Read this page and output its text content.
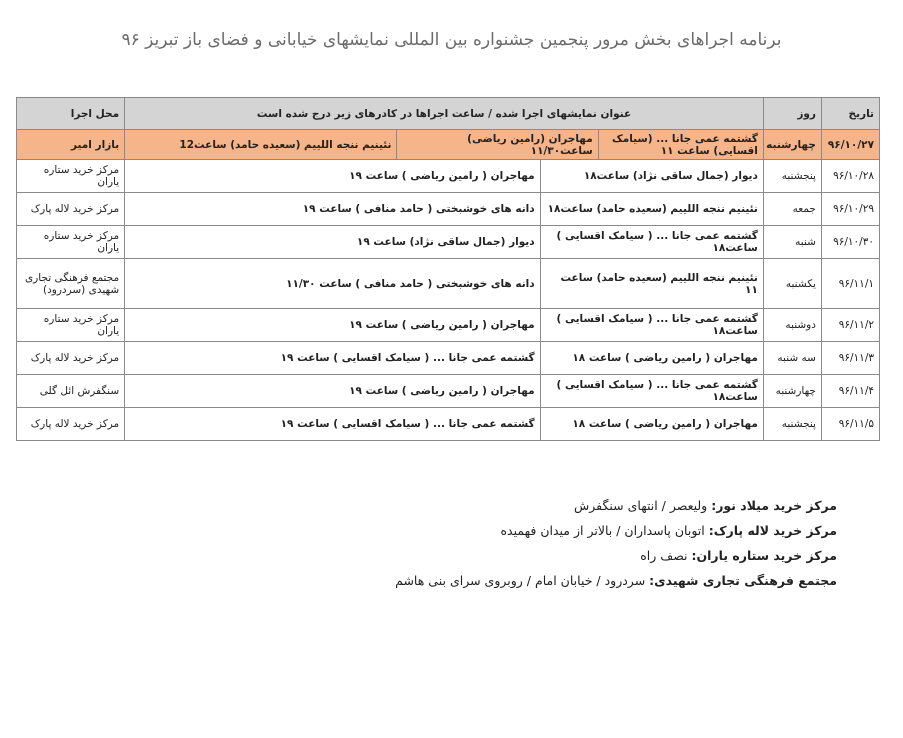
برنامه اجراهای بخش مرور پنجمین جشنواره بین المللی نمایشهای خیابانی و فضای باز تبریز ۹۶
تاریخ	روز	عنوان نمایشهای اجرا شده / ساعت اجراها در کادرهای زیر درج شده است				محل اجرا
۹۶/۱۰/۲۷	چهارشنبه	گشتمه عمی جانا ... (سیامک اقسایی) ساعت ۱۱	مهاجران (رامین ریاضی) ساعت۱۱/۳۰		نئینیم ننجه اللییم (سعیده حامد) ساعت12	بازار امیر
۹۶/۱۰/۲۸	پنجشنبه	دیوار (جمال ساقی نژاد) ساعت۱۸		مهاجران ( رامین ریاضی ) ساعت ۱۹		مرکز خرید ستاره یاران
۹۶/۱۰/۲۹	جمعه	نئینیم ننجه اللییم (سعیده حامد) ساعت۱۸		دانه های خوشبختی ( حامد منافی ) ساعت ۱۹		مرکز خرید لاله پارک
۹۶/۱۰/۳۰	شنبه	گشتمه عمی جانا ... ( سیامک اقسایی ) ساعت۱۸		دیوار (جمال ساقی نژاد) ساعت ۱۹		مرکز خرید ستاره یاران
۹۶/۱۱/۱	یکشنبه	نئینیم ننجه اللییم (سعیده حامد) ساعت ۱۱		دانه های خوشبختی ( حامد منافی ) ساعت ۱۱/۳۰		مجتمع فرهنگی تجاری شهیدی (سردرود)
۹۶/۱۱/۲	دوشنبه	گشتمه عمی جانا ... ( سیامک اقسایی ) ساعت۱۸		مهاجران ( رامین ریاضی ) ساعت ۱۹		مرکز خرید ستاره یاران
۹۶/۱۱/۳	سه شنبه	مهاجران ( رامین ریاضی ) ساعت ۱۸		گشتمه عمی جانا ... ( سیامک اقسایی ) ساعت ۱۹		مرکز خرید لاله پارک
۹۶/۱۱/۴	چهارشنبه	گشتمه عمی جانا ... ( سیامک اقسایی ) ساعت۱۸		مهاجران ( رامین ریاضی ) ساعت ۱۹		سنگفرش ائل گلی
۹۶/۱۱/۵	پنجشنبه	مهاجران ( رامین ریاضی ) ساعت ۱۸		گشتمه عمی جانا ... ( سیامک اقسایی ) ساعت ۱۹		مرکز خرید لاله پارک
مرکز خرید میلاد نور: ولیعصر / انتهای سنگفرش
مرکز خرید لاله پارک: اتوبان پاسداران / بالاتر از میدان فهمیده
مرکز خرید ستاره یاران: نصف راه
مجتمع فرهنگی تجاری شهیدی: سردرود / خیابان امام / روبروی سرای بنی هاشم
